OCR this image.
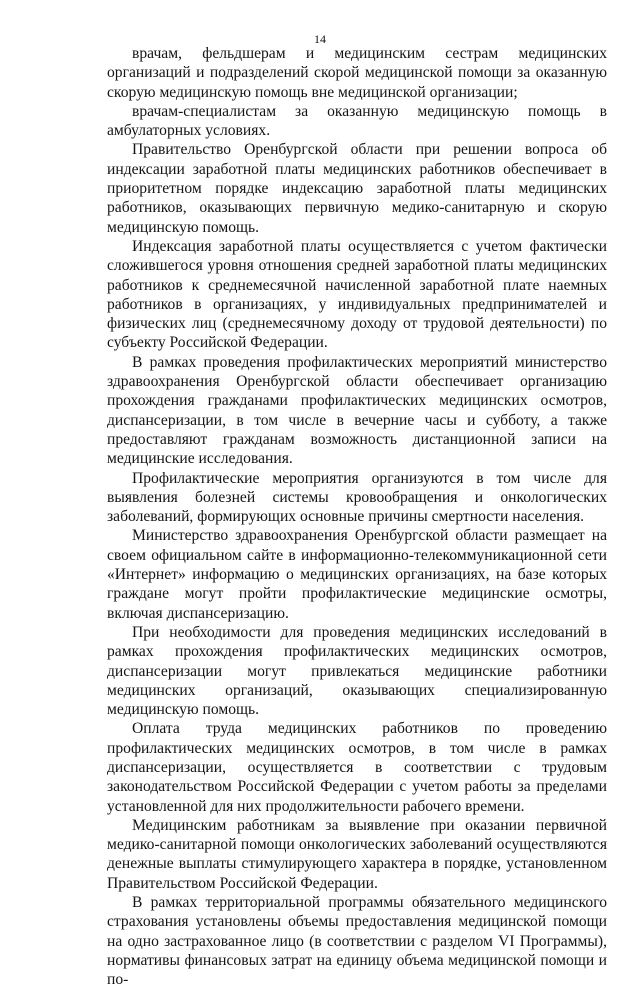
14

врачам, фельдшерам и медицинским сестрам медицинских организаций и подразделений скорой медицинской помощи за оказанную скорую медицинскую помощь вне медицинской организации;

врачам-специалистам за оказанную медицинскую помощь в амбулаторных условиях.

Правительство Оренбургской области при решении вопроса об индексации заработной платы медицинских работников обеспечивает в приоритетном порядке индексацию заработной платы медицинских работников, оказывающих первичную медико-санитарную и скорую медицинскую помощь.

Индексация заработной платы осуществляется с учетом фактически сложившегося уровня отношения средней заработной платы медицинских работников к среднемесячной начисленной заработной плате наемных работников в организациях, у индивидуальных предпринимателей и физических лиц (среднемесячному доходу от трудовой деятельности) по субъекту Российской Федерации.

В рамках проведения профилактических мероприятий министерство здравоохранения Оренбургской области обеспечивает организацию прохождения гражданами профилактических медицинских осмотров, диспансеризации, в том числе в вечерние часы и субботу, а также предоставляют гражданам возможность дистанционной записи на медицинские исследования.

Профилактические мероприятия организуются в том числе для выявления болезней системы кровообращения и онкологических заболеваний, формирующих основные причины смертности населения.

Министерство здравоохранения Оренбургской области размещает на своем официальном сайте в информационно-телекоммуникационной сети «Интернет» информацию о медицинских организациях, на базе которых граждане могут пройти профилактические медицинские осмотры, включая диспансеризацию.

При необходимости для проведения медицинских исследований в рамках прохождения профилактических медицинских осмотров, диспансеризации могут привлекаться медицинские работники медицинских организаций, оказывающих специализированную медицинскую помощь.

Оплата труда медицинских работников по проведению профилактических медицинских осмотров, в том числе в рамках диспансеризации, осуществляется в соответствии с трудовым законодательством Российской Федерации с учетом работы за пределами установленной для них продолжительности рабочего времени.

Медицинским работникам за выявление при оказании первичной медико-санитарной помощи онкологических заболеваний осуществляются денежные выплаты стимулирующего характера в порядке, установленном Правительством Российской Федерации.

В рамках территориальной программы обязательного медицинского страхования установлены объемы предоставления медицинской помощи на одно застрахованное лицо (в соответствии с разделом VI Программы), нормативы финансовых затрат на единицу объема медицинской помощи и по-
